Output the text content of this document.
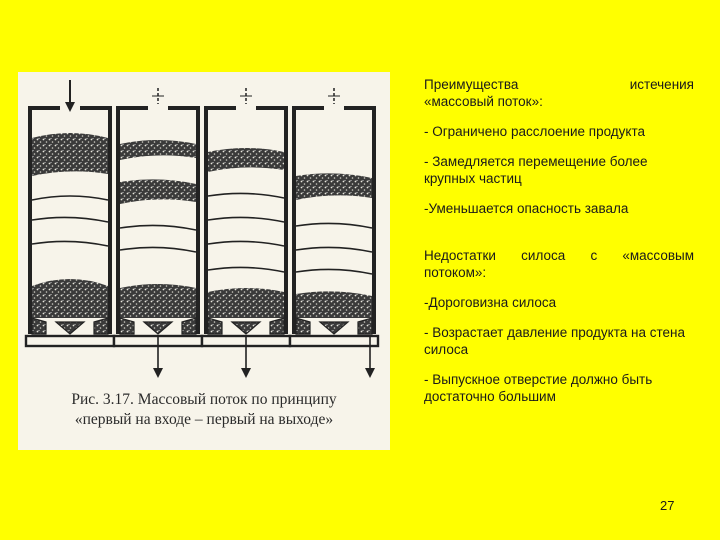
Рис. 3.17. Массовый поток по принципу
«первый на входе – первый на выходе»
Преимущества	истечения
«массовый поток»:
- Ограничено расслоение продукта
- Замедляется перемещение более крупных частиц
-Уменьшается опасность завала
Недостатки силоса с «массовым потоком»:
-Дороговизна силоса
- Возрастает давление продукта на стена силоса
- Выпускное отверстие должно быть достаточно большим
27
